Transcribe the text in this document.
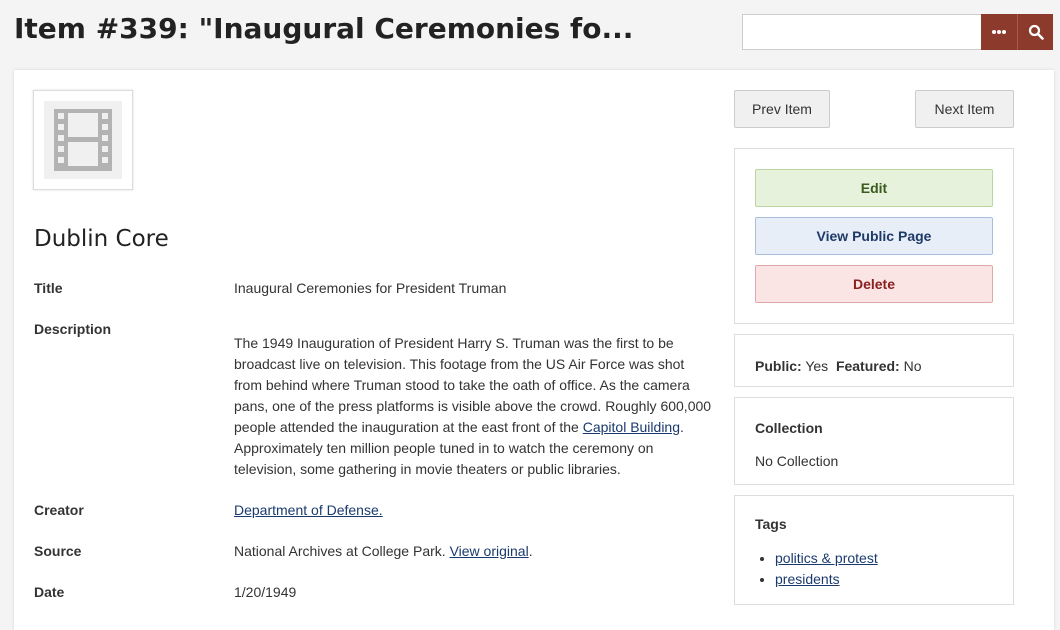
Item #339: "Inaugural Ceremonies fo...
Dublin Core
Title	Inaugural Ceremonies for President Truman
Description
The 1949 Inauguration of President Harry S. Truman was the first to be broadcast live on television. This footage from the US Air Force was shot from behind where Truman stood to take the oath of office. As the camera pans, one of the press platforms is visible above the crowd. Roughly 600,000 people attended the inauguration at the east front of the Capitol Building. Approximately ten million people tuned in to watch the ceremony on television, some gathering in movie theaters or public libraries.
Creator	Department of Defense.
Source	National Archives at College Park. View original.
Date	1/20/1949
Prev Item	Next Item
Edit
View Public Page
Delete
Public: Yes Featured: No
Collection
No Collection
Tags
• politics & protest
• presidents
